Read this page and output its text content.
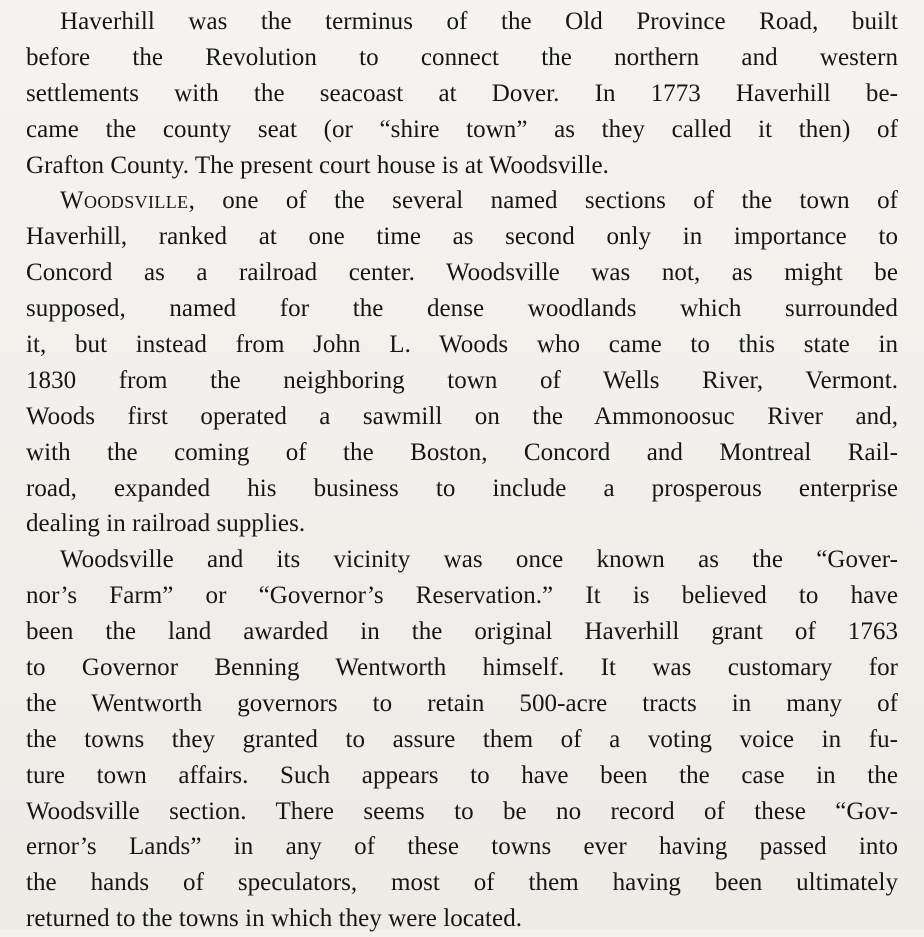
Haverhill was the terminus of the Old Province Road, built
before the Revolution to connect the northern and western
settlements with the seacoast at Dover. In 1773 Haverhill be-
came the county seat (or “shire town” as they called it then) of
Grafton County. The present court house is at Woodsville.
Woodsville, one of the several named sections of the town of
Haverhill, ranked at one time as second only in importance to
Concord as a railroad center. Woodsville was not, as might be
supposed, named for the dense woodlands which surrounded
it, but instead from John L. Woods who came to this state in
1830 from the neighboring town of Wells River, Vermont.
Woods first operated a sawmill on the Ammonoosuc River and,
with the coming of the Boston, Concord and Montreal Rail-
road, expanded his business to include a prosperous enterprise
dealing in railroad supplies.
Woodsville and its vicinity was once known as the “Gover-
nor’s Farm” or “Governor’s Reservation.” It is believed to have
been the land awarded in the original Haverhill grant of 1763
to Governor Benning Wentworth himself. It was customary for
the Wentworth governors to retain 500-acre tracts in many of
the towns they granted to assure them of a voting voice in fu-
ture town affairs. Such appears to have been the case in the
Woodsville section. There seems to be no record of these “Gov-
ernor’s Lands” in any of these towns ever having passed into
the hands of speculators, most of them having been ultimately
returned to the towns in which they were located.
